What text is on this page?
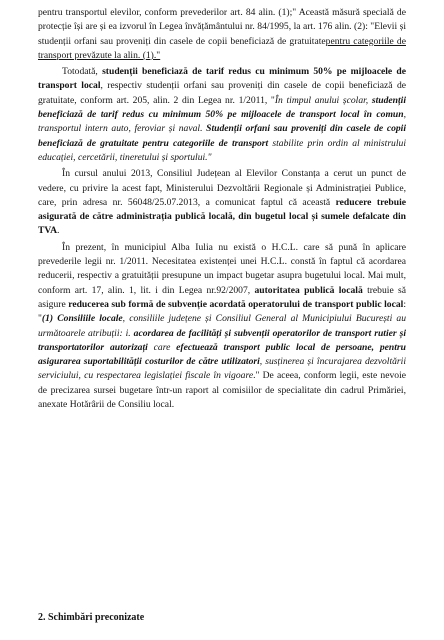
pentru transportul elevilor, conform prevederilor art. 84 alin. (1);" Această măsură specială de protecție își are și ea izvorul în Legea învățământului nr. 84/1995, la art. 176 alin. (2): "Elevii și studenții orfani sau proveniți din casele de copii beneficiază de gratuitatepentru categoriile de transport prevăzute la alin. (1)."

Totodată, studenții beneficiază de tarif redus cu minimum 50% pe mijloacele de transport local, respectiv studenții orfani sau proveniți din casele de copii beneficiază de gratuitate, conform art. 205, alin. 2 din Legea nr. 1/2011, "În timpul anului școlar, studenții beneficiază de tarif redus cu minimum 50% pe mijloacele de transport local în comun, transportul intern auto, feroviar și naval. Studenții orfani sau proveniți din casele de copii beneficiază de gratuitate pentru categoriile de transport stabilite prin ordin al ministrului educației, cercetării, tineretului și sportului."

În cursul anului 2013, Consiliul Județean al Elevilor Constanța a cerut un punct de vedere, cu privire la acest fapt, Ministerului Dezvoltării Regionale și Administrației Publice, care, prin adresa nr. 56048/25.07.2013, a comunicat faptul că această reducere trebuie asigurată de către administrația publică locală, din bugetul local și sumele defalcate din TVA.

În prezent, în municipiul Alba Iulia nu există o H.C.L. care să pună în aplicare prevederile legii nr. 1/2011. Necesitatea existenței unei H.C.L. constă în faptul că acordarea reducerii, respectiv a gratuității presupune un impact bugetar asupra bugetului local. Mai mult, conform art. 17, alin. 1, lit. i din Legea nr.92/2007, autoritatea publică locală trebuie să asigure reducerea sub formă de subvenție acordată operatorului de transport public local: "(1) Consiliile locale, consiliile județene și Consiliul General al Municipiului București au următoarele atribuții: i. acordarea de facilități și subvenții operatorilor de transport rutier și transportatorilor autorizați care efectuează transport public local de persoane, pentru asigurarea suportabilității costurilor de către utilizatori, susținerea și încurajarea dezvoltării serviciului, cu respectarea legislației fiscale în vigoare." De aceea, conform legii, este nevoie de precizarea sursei bugetare într-un raport al comisiilor de specialitate din cadrul Primăriei, anexate Hotărârii de Consiliu local.

2. Schimbări preconizate
